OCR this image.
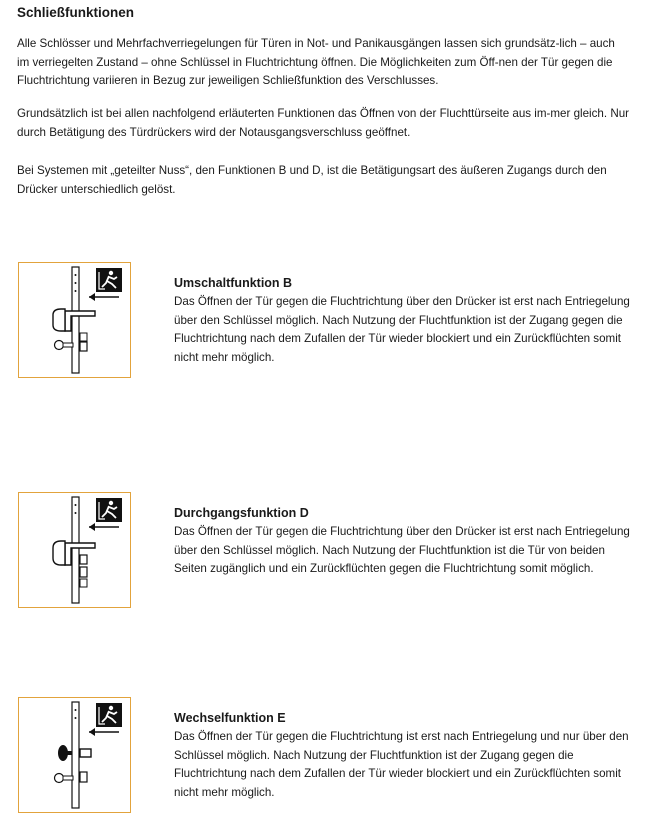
Schließfunktionen

Alle Schlösser und Mehrfachverriegelungen für Türen in Not- und Panikausgängen lassen sich grundsätz-lich – auch im verriegelten Zustand – ohne Schlüssel in Fluchtrichtung öffnen. Die Möglichkeiten zum Öff-nen der Tür gegen die Fluchtrichtung variieren in Bezug zur jeweiligen Schließfunktion des Verschlusses.

Grundsätzlich ist bei allen nachfolgend erläuterten Funktionen das Öffnen von der Fluchttürseite aus im-mer gleich. Nur durch Betätigung des Türdrückers wird der Notausgangsverschluss geöffnet.

Bei Systemen mit „geteilter Nuss“, den Funktionen B und D, ist die Betätigungsart des äußeren Zugangs durch den Drücker unterschiedlich gelöst.

Umschaltfunktion B

Das Öffnen der Tür gegen die Fluchtrichtung über den Drücker ist erst nach Entriegelung über den Schlüssel möglich. Nach Nutzung der Fluchtfunktion ist der Zugang gegen die Fluchtrichtung nach dem Zufallen der Tür wieder blockiert und ein Zurückflüchten somit nicht mehr möglich.

Durchgangsfunktion D

Das Öffnen der Tür gegen die Fluchtrichtung über den Drücker ist erst nach Entriegelung über den Schlüssel möglich. Nach Nutzung der Fluchtfunktion ist die Tür von beiden Seiten zugänglich und ein Zurückflüchten gegen die Fluchtrichtung somit möglich.

Wechselfunktion E

Das Öffnen der Tür gegen die Fluchtrichtung ist erst nach Entriegelung und nur über den Schlüssel möglich. Nach Nutzung der Fluchtfunktion ist der Zugang gegen die Fluchtrichtung nach dem Zufallen der Tür wieder blockiert und ein Zurückflüchten somit nicht mehr möglich.
